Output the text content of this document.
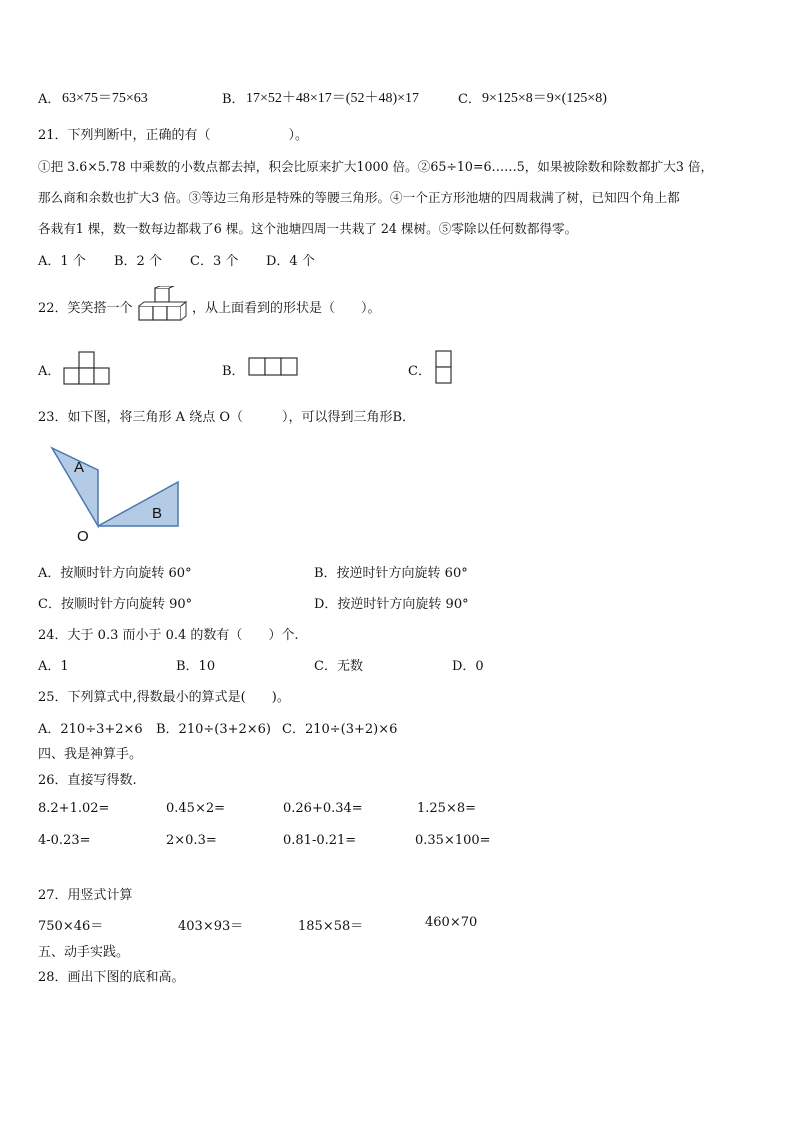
A． 63×75＝75×63	B． 17×52＋48×17＝(52＋48)×17	C． 9×125×8＝9×(125×8)
21．下列判断中，正确的有（　　　　　　）。
①把 3.6×5.78 中乘数的小数点都去掉，积会比原来扩大1000 倍。②65÷10=6……5，如果被除数和除数都扩大3 倍，
那么商和余数也扩大3 倍。③等边三角形是特殊的等腰三角形。④一个正方形池塘的四周栽满了树，已知四个角上都
各栽有1 棵，数一数每边都栽了6 棵。这个池塘四周一共栽了 24 棵树。⑤零除以任何数都得零。
A．1 个 B．2 个 C．3 个 D．4 个
22．笑笑搭一个	，从上面看到的形状是（　　）。
A．	B．	C．
23．如下图，将三角形 A 绕点 O（　　　），可以得到三角形B．
A
B
O
A．按顺时针方向旋转 60°	B．按逆时针方向旋转 60°
C．按顺时针方向旋转 90°	D．按逆时针方向旋转 90°
24．大于 0.3 而小于 0.4 的数有（　　）个.
A．1	B．10	C．无数	D．0
25．下列算式中,得数最小的算式是(　　)。
A．210÷3+2×6 B．210÷(3+2×6) C．210÷(3+2)×6
四、我是神算手。
26．直接写得数.
8.2+1.02=	0.45×2=	0.26+0.34=	1.25×8=
4-0.23=	2×0.3=	0.81-0.21=	0.35×100=
27．用竖式计算
750×46＝	403×93＝	185×58＝	460×70
五、动手实践。
28．画出下图的底和高。
